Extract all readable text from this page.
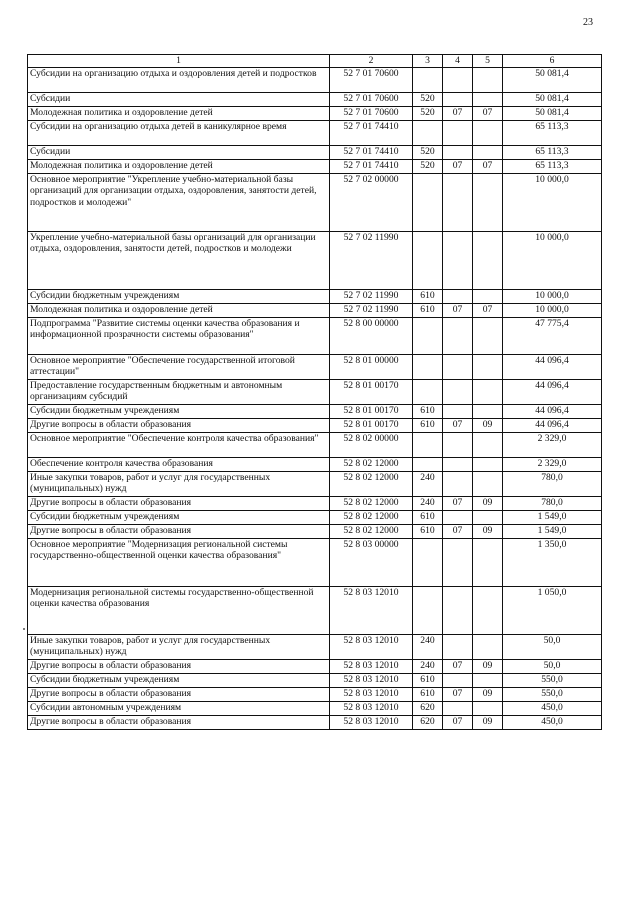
23
1	2	3	4	5	6
Субсидии на организацию отдыха и оздоровления детей и подростков	52 7 01 70600				50 081,4
Субсидии	52 7 01 70600	520			50 081,4
Молодежная политика и оздоровление детей	52 7 01 70600	520	07	07	50 081,4
Субсидии на организацию отдыха детей в каникулярное время	52 7 01 74410				65 113,3
Субсидии	52 7 01 74410	520			65 113,3
Молодежная политика и оздоровление детей	52 7 01 74410	520	07	07	65 113,3
Основное мероприятие "Укрепление учебно-материальной базы организаций для организации отдыха, оздоровления, занятости детей, подростков и молодежи"	52 7 02 00000				10 000,0
Укрепление учебно-материальной базы организаций для организации отдыха, оздоровления, занятости детей, подростков и молодежи	52 7 02 11990				10 000,0
Субсидии бюджетным учреждениям	52 7 02 11990	610			10 000,0
Молодежная политика и оздоровление детей	52 7 02 11990	610	07	07	10 000,0
Подпрограмма "Развитие системы оценки качества образования и информационной прозрачности системы образования"	52 8 00 00000				47 775,4
Основное мероприятие "Обеспечение государственной итоговой аттестации"	52 8 01 00000				44 096,4
Предоставление государственным бюджетным и автономным организациям субсидий	52 8 01 00170				44 096,4
Субсидии бюджетным учреждениям	52 8 01 00170	610			44 096,4
Другие вопросы в области образования	52 8 01 00170	610	07	09	44 096,4
Основное мероприятие "Обеспечение контроля качества образования"	52 8 02 00000				2 329,0
Обеспечение контроля качества образования	52 8 02 12000				2 329,0
Иные закупки товаров, работ и услуг для государственных (муниципальных) нужд	52 8 02 12000	240			780,0
Другие вопросы в области образования	52 8 02 12000	240	07	09	780,0
Субсидии бюджетным учреждениям	52 8 02 12000	610			1 549,0
Другие вопросы в области образования	52 8 02 12000	610	07	09	1 549,0
Основное мероприятие "Модернизация региональной системы государственно-общественной оценки качества образования"	52 8 03 00000				1 350,0
Модернизация региональной системы государственно-общественной оценки качества образования	52 8 03 12010				1 050,0
Иные закупки товаров, работ и услуг для государственных (муниципальных) нужд	52 8 03 12010	240			50,0
Другие вопросы в области образования	52 8 03 12010	240	07	09	50,0
Субсидии бюджетным учреждениям	52 8 03 12010	610			550,0
Другие вопросы в области образования	52 8 03 12010	610	07	09	550,0
Субсидии автономным учреждениям	52 8 03 12010	620			450,0
Другие вопросы в области образования	52 8 03 12010	620	07	09	450,0
